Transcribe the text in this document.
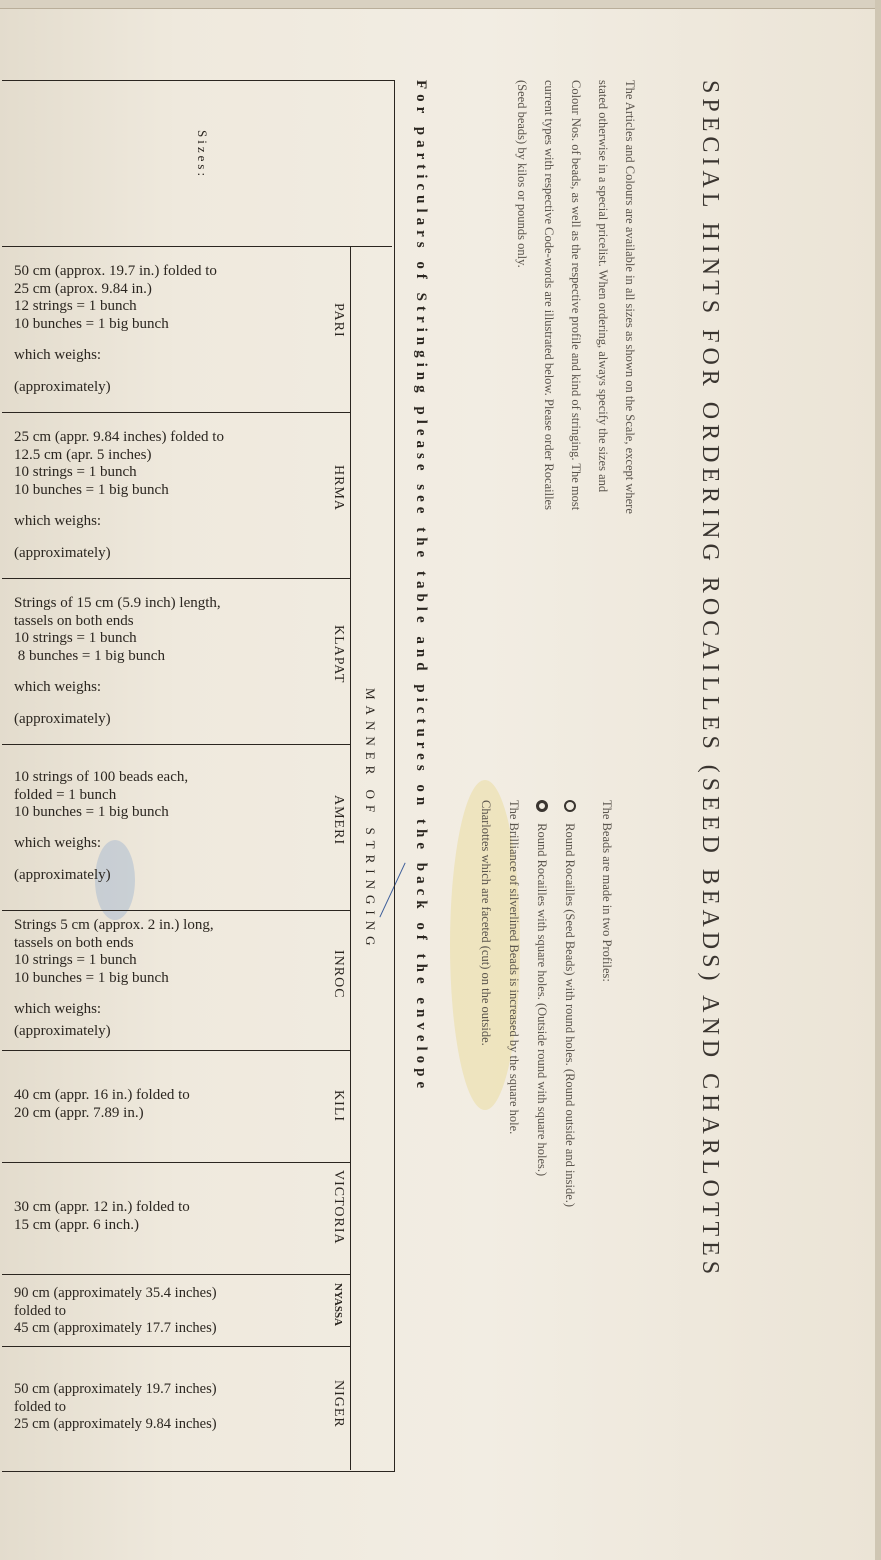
SPECIAL HINTS FOR ORDERING ROCAILLES (SEED BEADS) AND CHARLOTTES
The Articles and Colours are available in all sizes as shown on the Scale, except where
stated otherwise in a special pricelist. When ordering, always specify the sizes and
Colour Nos. of beads, as well as the respective profile and kind of stringing. The most
current types with respective Code-words are illustrated below. Please order Rocailles
(Seed beads) by kilos or pounds only.
The Beads are made in two Profiles:
Round Rocailles (Seed Beads) with round holes. (Round outside and inside.)
Round Rocailles with square holes. (Outside round with square holes.)
The Brilliance of silverlined Beads is increased by the square hole.
Charlottes which are faceted (cut) on the outside.
For particulars of Stringing please see the table and pictures on the back of the envelope
MANNER OF STRINGING
Sizes:
50 cm (approx. 19.7 in.) folded to
25 cm (aprox. 9.84 in.)
12 strings = 1 bunch
10 bunches = 1 big bunch
which weighs:
(approximately)
PARI
25 cm (appr. 9.84 inches) folded to
12.5 cm (apr. 5 inches)
10 strings = 1 bunch
10 bunches = 1 big bunch
which weighs:
(approximately)
HRMA
Strings of 15 cm (5.9 inch) length,
tassels on both ends
10 strings = 1 bunch
8 bunches = 1 big bunch
which weighs:
(approximately)
KLAPAT
10 strings of 100 beads each,
folded = 1 bunch
10 bunches = 1 big bunch
which weighs:
(approximately)
AMERI
Strings 5 cm (approx. 2 in.) long,
tassels on both ends
10 strings = 1 bunch
10 bunches = 1 big bunch
which weighs:
(approximately)
INROC
40 cm (appr. 16 in.) folded to
20 cm (appr. 7.89 in.)	KILI
30 cm (appr. 12 in.) folded to
15 cm (appr. 6 inch.)	VICTORIA
90 cm (approximately 35.4 inches)
folded to
45 cm (approximately 17.7 inches)
NYASSA
50 cm (approximately 19.7 inches)
folded to
25 cm (approximately 9.84 inches)	NIGER
